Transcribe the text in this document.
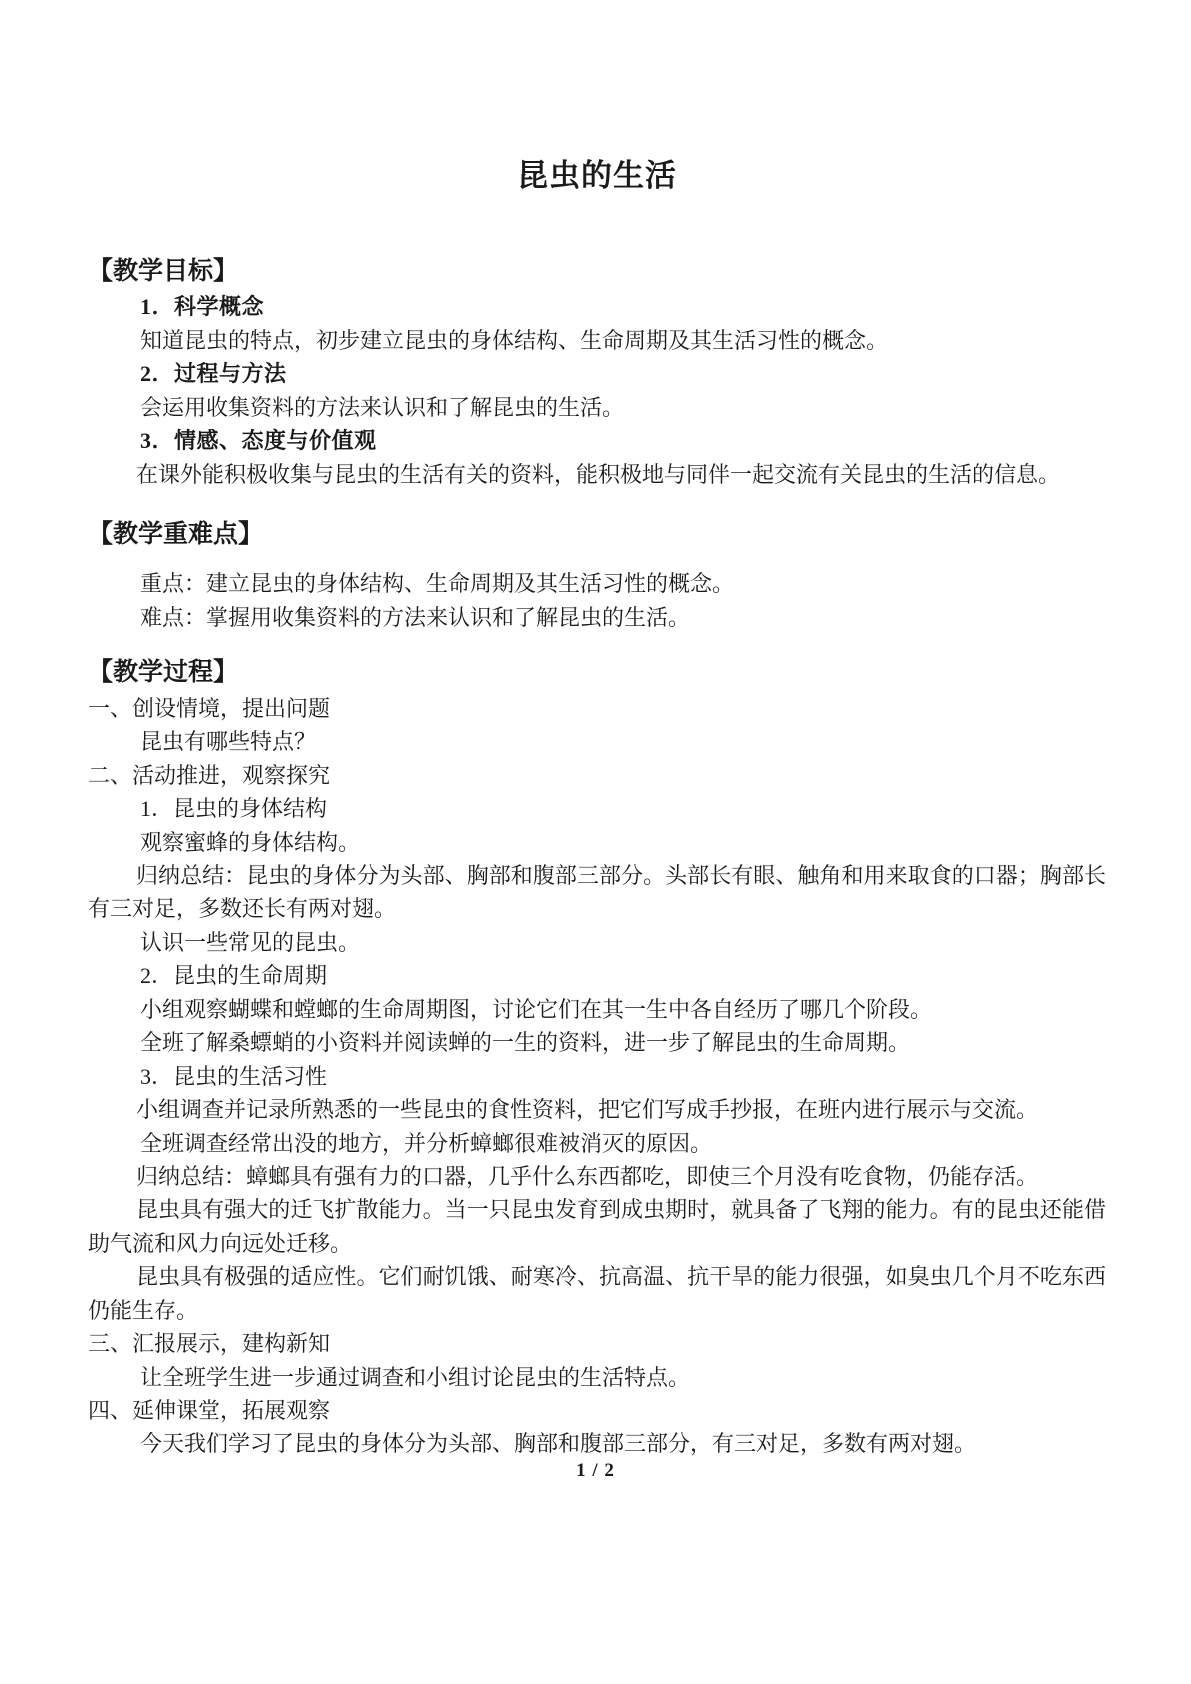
昆虫的生活

【教学目标】

1．科学概念

知道昆虫的特点，初步建立昆虫的身体结构、生命周期及其生活习性的概念。

2．过程与方法

会运用收集资料的方法来认识和了解昆虫的生活。

3．情感、态度与价值观

在课外能积极收集与昆虫的生活有关的资料，能积极地与同伴一起交流有关昆虫的生活的信息。

【教学重难点】

重点：建立昆虫的身体结构、生命周期及其生活习性的概念。

难点：掌握用收集资料的方法来认识和了解昆虫的生活。

【教学过程】

一、创设情境，提出问题

昆虫有哪些特点？

二、活动推进，观察探究

1．昆虫的身体结构

观察蜜蜂的身体结构。

归纳总结：昆虫的身体分为头部、胸部和腹部三部分。头部长有眼、触角和用来取食的口器；胸部长有三对足，多数还长有两对翅。

认识一些常见的昆虫。

2．昆虫的生命周期

小组观察蝴蝶和螳螂的生命周期图，讨论它们在其一生中各自经历了哪几个阶段。

全班了解桑螵蛸的小资料并阅读蝉的一生的资料，进一步了解昆虫的生命周期。

3．昆虫的生活习性

小组调查并记录所熟悉的一些昆虫的食性资料，把它们写成手抄报，在班内进行展示与交流。

全班调查经常出没的地方，并分析蟑螂很难被消灭的原因。

归纳总结：蟑螂具有强有力的口器，几乎什么东西都吃，即使三个月没有吃食物，仍能存活。

昆虫具有强大的迁飞扩散能力。当一只昆虫发育到成虫期时，就具备了飞翔的能力。有的昆虫还能借助气流和风力向远处迁移。

昆虫具有极强的适应性。它们耐饥饿、耐寒冷、抗高温、抗干旱的能力很强，如臭虫几个月不吃东西仍能生存。

三、汇报展示，建构新知

让全班学生进一步通过调查和小组讨论昆虫的生活特点。

四、延伸课堂，拓展观察

今天我们学习了昆虫的身体分为头部、胸部和腹部三部分，有三对足，多数有两对翅。

1 / 2
